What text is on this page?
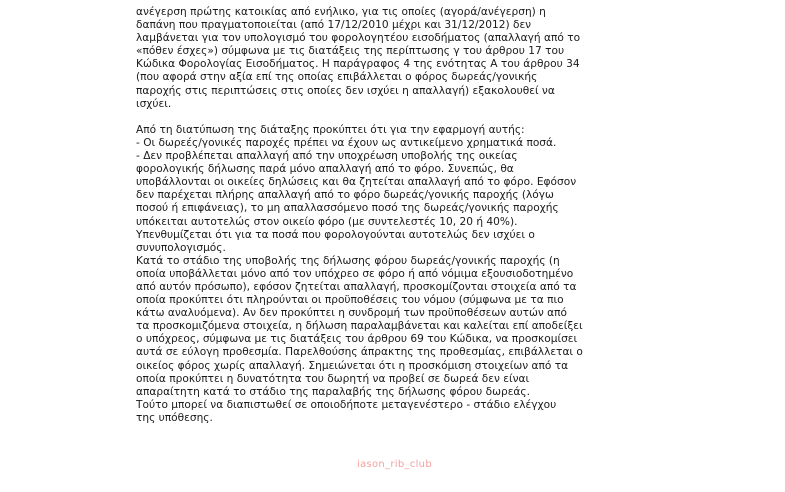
ανέγερση πρώτης κατοικίας από ενήλικο, για τις οποίες (αγορά/ανέγερση) η
δαπάνη που πραγματοποιείται (από 17/12/2010 μέχρι και 31/12/2012) δεν
λαμβάνεται για τον υπολογισμό του φορολογητέου εισοδήματος (απαλλαγή από το
«πόθεν έσχες») σύμφωνα με τις διατάξεις της περίπτωσης γ του άρθρου 17 του
Κώδικα Φορολογίας Εισοδήματος. Η παράγραφος 4 της ενότητας Α του άρθρου 34
(που αφορά στην αξία επί της οποίας επιβάλλεται ο φόρος δωρεάς/γονικής
παροχής στις περιπτώσεις στις οποίες δεν ισχύει η απαλλαγή) εξακολουθεί να
ισχύει.

Από τη διατύπωση της διάταξης προκύπτει ότι για την εφαρμογή αυτής:
- Οι δωρεές/γονικές παροχές πρέπει να έχουν ως αντικείμενο χρηματικά ποσά.
- Δεν προβλέπεται απαλλαγή από την υποχρέωση υποβολής της οικείας
φορολογικής δήλωσης παρά μόνο απαλλαγή από το φόρο. Συνεπώς, θα
υποβάλλονται οι οικείες δηλώσεις και θα ζητείται απαλλαγή από το φόρο. Εφόσον
δεν παρέχεται πλήρης απαλλαγή από το φόρο δωρεάς/γονικής παροχής (λόγω
ποσού ή επιφάνειας), το μη απαλλασσόμενο ποσό της δωρεάς/γονικής παροχής
υπόκειται αυτοτελώς στον οικείο φόρο (με συντελεστές 10, 20 ή 40%).
Υπενθυμίζεται ότι για τα ποσά που φορολογούνται αυτοτελώς δεν ισχύει ο
συνυπολογισμός.
Κατά το στάδιο της υποβολής της δήλωσης φόρου δωρεάς/γονικής παροχής (η
οποία υποβάλλεται μόνο από τον υπόχρεο σε φόρο ή από νόμιμα εξουσιοδοτημένο
από αυτόν πρόσωπο), εφόσον ζητείται απαλλαγή, προσκομίζονται στοιχεία από τα
οποία προκύπτει ότι πληρούνται οι προϋποθέσεις του νόμου (σύμφωνα με τα πιο
κάτω αναλυόμενα). Αν δεν προκύπτει η συνδρομή των προϋποθέσεων αυτών από
τα προσκομιζόμενα στοιχεία, η δήλωση παραλαμβάνεται και καλείται επί αποδείξει
ο υπόχρεος, σύμφωνα με τις διατάξεις του άρθρου 69 του Κώδικα, να προσκομίσει
αυτά σε εύλογη προθεσμία. Παρελθούσης άπρακτης της προθεσμίας, επιβάλλεται ο
οικείος φόρος χωρίς απαλλαγή. Σημειώνεται ότι η προσκόμιση στοιχείων από τα
οποία προκύπτει η δυνατότητα του δωρητή να προβεί σε δωρεά δεν είναι
απαραίτητη κατά το στάδιο της παραλαβής της δήλωσης φόρου δωρεάς.
Τούτο μπορεί να διαπιστωθεί σε οποιοδήποτε μεταγενέστερο - στάδιο ελέγχου
της υπόθεσης.

iason_rib_club
